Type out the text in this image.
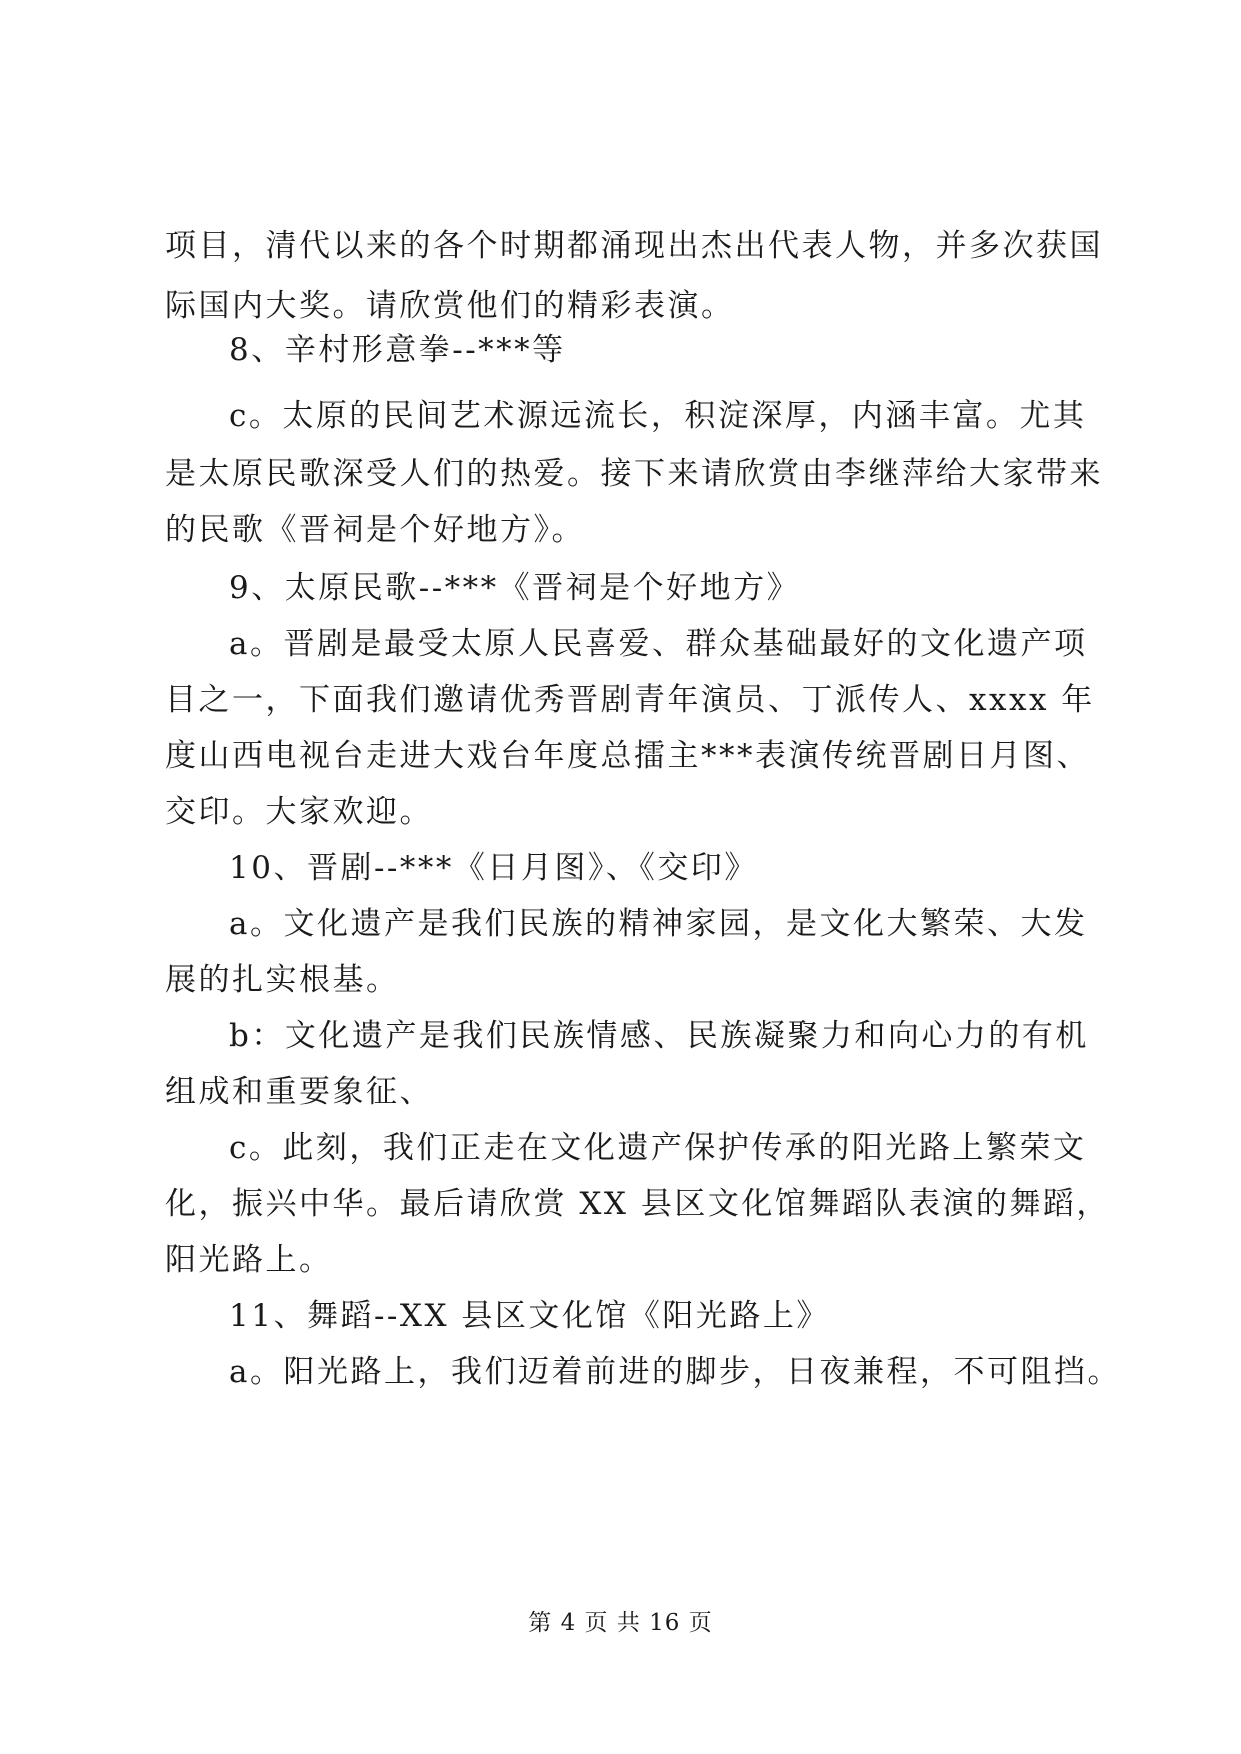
项目，清代以来的各个时期都涌现出杰出代表人物，并多次获国
际国内大奖。请欣赏他们的精彩表演。
8、辛村形意拳--***等
c。太原的民间艺术源远流长，积淀深厚，内涵丰富。尤其
是太原民歌深受人们的热爱。接下来请欣赏由李继萍给大家带来
的民歌《晋祠是个好地方》。
9、太原民歌--***《晋祠是个好地方》
a。晋剧是最受太原人民喜爱、群众基础最好的文化遗产项
目之一，下面我们邀请优秀晋剧青年演员、丁派传人、xxxx 年
度山西电视台走进大戏台年度总擂主***表演传统晋剧日月图、
交印。大家欢迎。
10、晋剧--***《日月图》、《交印》
a。文化遗产是我们民族的精神家园，是文化大繁荣、大发
展的扎实根基。
b：文化遗产是我们民族情感、民族凝聚力和向心力的有机
组成和重要象征、
c。此刻，我们正走在文化遗产保护传承的阳光路上繁荣文
化，振兴中华。最后请欣赏 XX 县区文化馆舞蹈队表演的舞蹈，
阳光路上。
11、舞蹈--XX 县区文化馆《阳光路上》
a。阳光路上，我们迈着前进的脚步，日夜兼程，不可阻挡。
第 4 页 共 16 页
